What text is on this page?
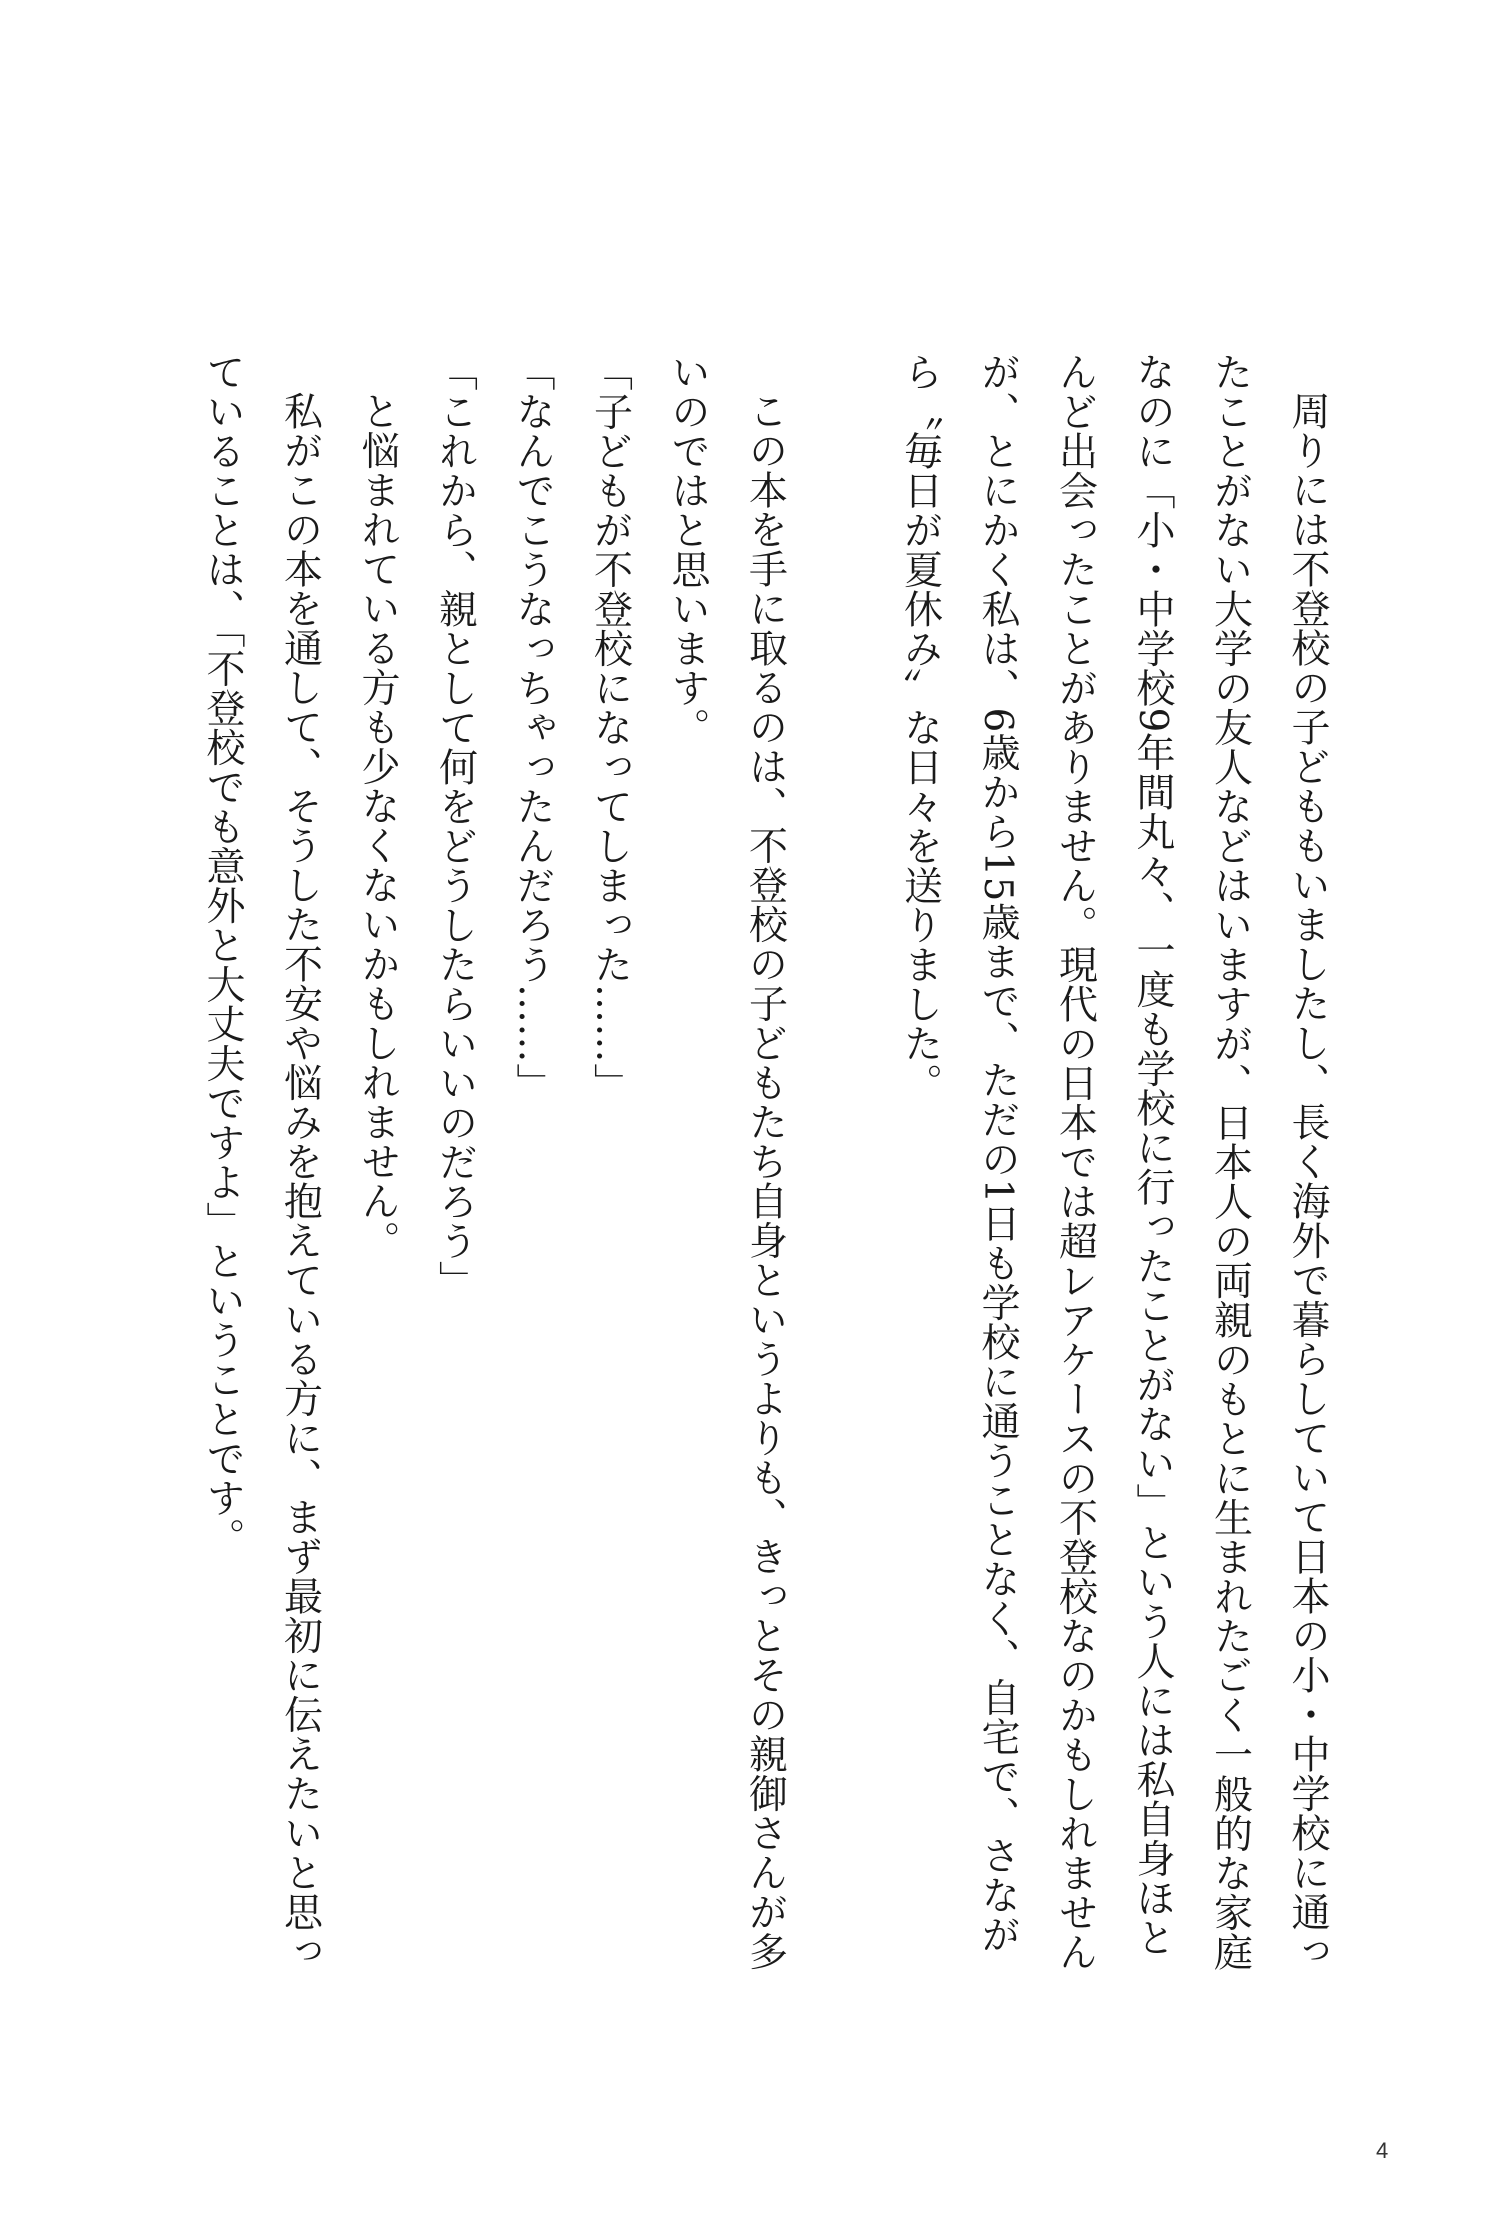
周りには不登校の子どももいましたし、長く海外で暮らしていて日本の小・中学校に通ったことがない大学の友人などはいますが、日本人の両親のもとに生まれたごく一般的な家庭なのに「小・中学校9年間丸々、一度も学校に行ったことがない」という人には私自身ほとんど出会ったことがありません。現代の日本では超レアケースの不登校なのかもしれませんが、とにかく私は、6歳から15歳まで、ただの1日も学校に通うことなく、自宅で、さながら〝毎日が夏休み〟な日々を送りました。

この本を手に取るのは、不登校の子どもたち自身というよりも、きっとその親御さんが多いのではと思います。

「子どもが不登校になってしまった……」

「なんでこうなっちゃったんだろう……」

「これから、親として何をどうしたらいいのだろう」

と悩まれている方も少なくないかもしれません。

私がこの本を通して、そうした不安や悩みを抱えている方に、まず最初に伝えたいと思っていることは、「不登校でも意外と大丈夫ですよ」ということです。

4
